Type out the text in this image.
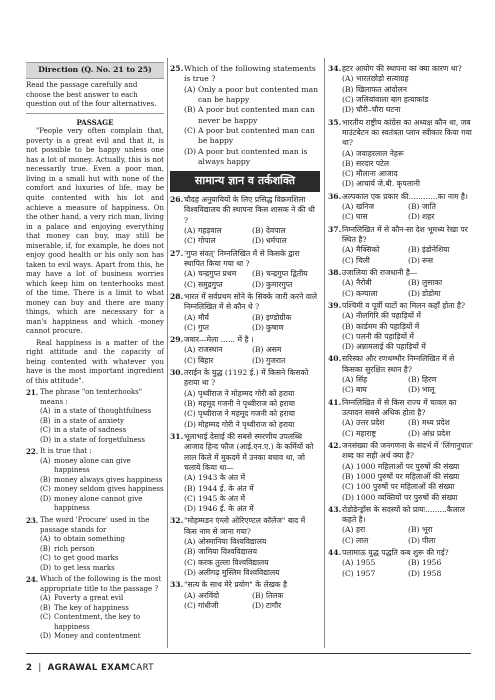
Direction (Q. No. 21 to 25)
Read the passage carefully and choose the best answer to each question out of the four alternatives.
PASSAGE

"People very often complain that, poverty is a great evil and that it, is not possible to be happy unless one has a lot of money. Actually, this is not necessarily true. Even a poor man, living in a small hut with none of the comfort and luxuries of life, may be quite contented with his lot and achieve a measure of happiness. On the other hand, a very rich man, living in a palace and enjoying everything that money can buy, may still be miserable, if, for example, he does not enjoy good health or his only son has taken to evil ways. Apart from this, he may have a lot of business worries which keep him on tenterhooks most of the time. There is a limit to what money can buy and there are many things, which are necessary for a man's happiness and which -money cannot procure.

Real happiness is a matter of the right attitude and the capacity of being contented with whatever you have is the most important ingredient of this attitude".

21. The phrase "on tenterhooks" means :
(A) in a state of thoughtfulness
(B) in a state of anxiety
(C) in a state of sadness
(D) in a state of forgetfulness
22. It is true that :
(A) money alone can give happiness
(B) money always gives happiness
(C) money seldom gives happiness
(D) money alone cannot give happiness
23. The word 'Procure' used in the passage stands for
(A) to obtain something
(B) rich person
(C) to get good marks
(D) to get less marks
24. Which of the following is the most appropriate title to the passage ?
(A) Poverty a great evil
(B) The key of happiness
(C) Contentment, the key to happiness
(D) Money and contentment
25. Which of the following statements is true ?
(A) Only a poor but contented man can be happy
(B) A poor but contented man can never be happy
(C) A poor but contented man can be happy
(D) A poor but contented man is always happy
सामान्य ज्ञान व तर्कशक्ति
26. चौदह अनुयायियों के लिए प्रसिद्ध विक्रमशिला विश्वविद्यालय की स्थापना किस शासक ने की थी ?
(A) गहड़वाल	(B) देवपाल
(C) गोपाल	(D) धर्मपाल
27. 'गुप्त संवत्' निम्नलिखित में से किसके द्वारा स्थापित किया गया था ?
(A) चन्द्रगुप्त प्रथम	(B) चन्द्रगुप्त द्वितीय
(C) समुद्रगुप्त	(D) कुमारगुप्त
28. भारत में सर्वप्रथम सोने के सिक्के जारी करने वाले निम्नलिखित में से कौन थे ?
(A) मौर्य	(B) इण्डोग्रीक
(C) गुप्त	(D) कुषाण
29. जवार—मेला ...... में है ।
(A) राजस्थान	(B) असम
(C) बिहार	(D) गुजरात
30. तराईन के युद्ध (1192 ई.) में किसने किसको हराया था ?
(A) पृथ्वीराज ने मोहम्मद गोरी को हराया
(B) महमूद गजनी ने पृथ्वीराज को हराया
(C) पृथ्वीराज ने महमूद गजनी को हराया
(D) मोहम्मद गोरी ने पृथ्वीराज को हराया
31. भूलाभाई देसाई की सबसे स्मरणीय उपलब्धि आजाद हिन्द फौज (आई.एन.ए.) के कर्मियों को लाल किले में मुकदमे में उनका बचाव था, जो चलाये किया था—
(A) 1943 के अंत में
(B) 1944 ई. के अंत में
(C) 1945 के अंत में
(D) 1946 ई. के अंत में
32. "मोहम्मडन एंग्लो ओरिएण्टल कॉलेज" बाद में किस नाम से जाना गया?
(A) ओस्मानिया विश्वविद्यालय
(B) जामिया विश्वविद्यालय
(C) करक तुल्ला विश्वविद्यालय
(D) अलीगढ़ मुस्लिम विश्वविद्यालय
33. "सत्य के साथ मेरे प्रयोग" के लेखक है
(A) अरविंदो	(B) तिलक
(C) गांधीजी	(D) टागौर
34. हटर आयोग की स्थापना का क्या कारण था?
(A) भारतछोड़ो सत्याग्रह
(B) खिलाफत आंदोलन
(C) जलियांवाला बाग हत्याकांड
(D) चौरी–चौरा घटना
35. भारतीय राष्ट्रीय कांग्रेस का अध्यक्ष कौन था, जब माउंटबेटन का स्वतंत्रता प्लान स्वीकार किया गया था?
(A) जवाहरलाल नेहरू
(B) सरदार पटेल
(C) मौलाना आजाद
(D) आचार्य जे.बी. कृपलानी
36. अल्पकाल एक प्रकार की............का नाम है।
(A) खनिज	(B) जाति
(C) घास	(D) शहर
37. निम्नलिखित में से कौन-सा देश भूमध्य रेखा पर स्थित है?
(A) मैक्सिको	(B) इंडोनेशिया
(C) चिली	(D) रूस
38. उजालिया की राजधानी है—
(A) नैरोबी	(B) लुसाका
(C) कम्पाला	(D) डोडोमा
39. पश्चिमी व पूर्वी घाटों का मिलन कहाँ होता है?
(A) नीलगिरि की पहाड़ियों में
(B) कार्डमम की पहाड़ियों में
(C) पलनी की पहाड़ियों में
(D) अन्नामलाई की पहाड़ियों में
40. सरिस्का और रणथम्भौर निम्नलिखित में से किसका सुरक्षित स्थान है?
(A) सिंह	(B) हिरण
(C) बाघ	(D) भालू
41. निम्नलिखित में से किस राज्य में चावल का उत्पादन सबसे अधिक होता है?
(A) उत्तर प्रदेश	(B) मध्य प्रदेश
(C) महाराष्ट्र	(D) आंध्र प्रदेश
42. जनसंख्या की जनगणना के संदर्भ में 'लिंगानुपात' शब्द का सही अर्थ क्या है?
(A) 1000 महिलाओं पर पुरुषों की संख्या
(B) 1000 पुरुषों पर महिलाओं की संख्या
(C) 100 पुरुषों पर महिलाओं की संख्या
(D) 1000 व्यक्तियों पर पुरुषों की संख्या
43. रोडोडेन्ड्रोंस के सदस्यों को प्रायः.........कैलाल कहते है।
(A) हरा	(B) भूरा
(C) लाल	(D) पीला
44. पलामाऊ युद्ध पद्धति कब शुरू की गई?
(A) 1955	(B) 1956
(C) 1957	(D) 1958
2 | AGRAWAL EXAMCART
